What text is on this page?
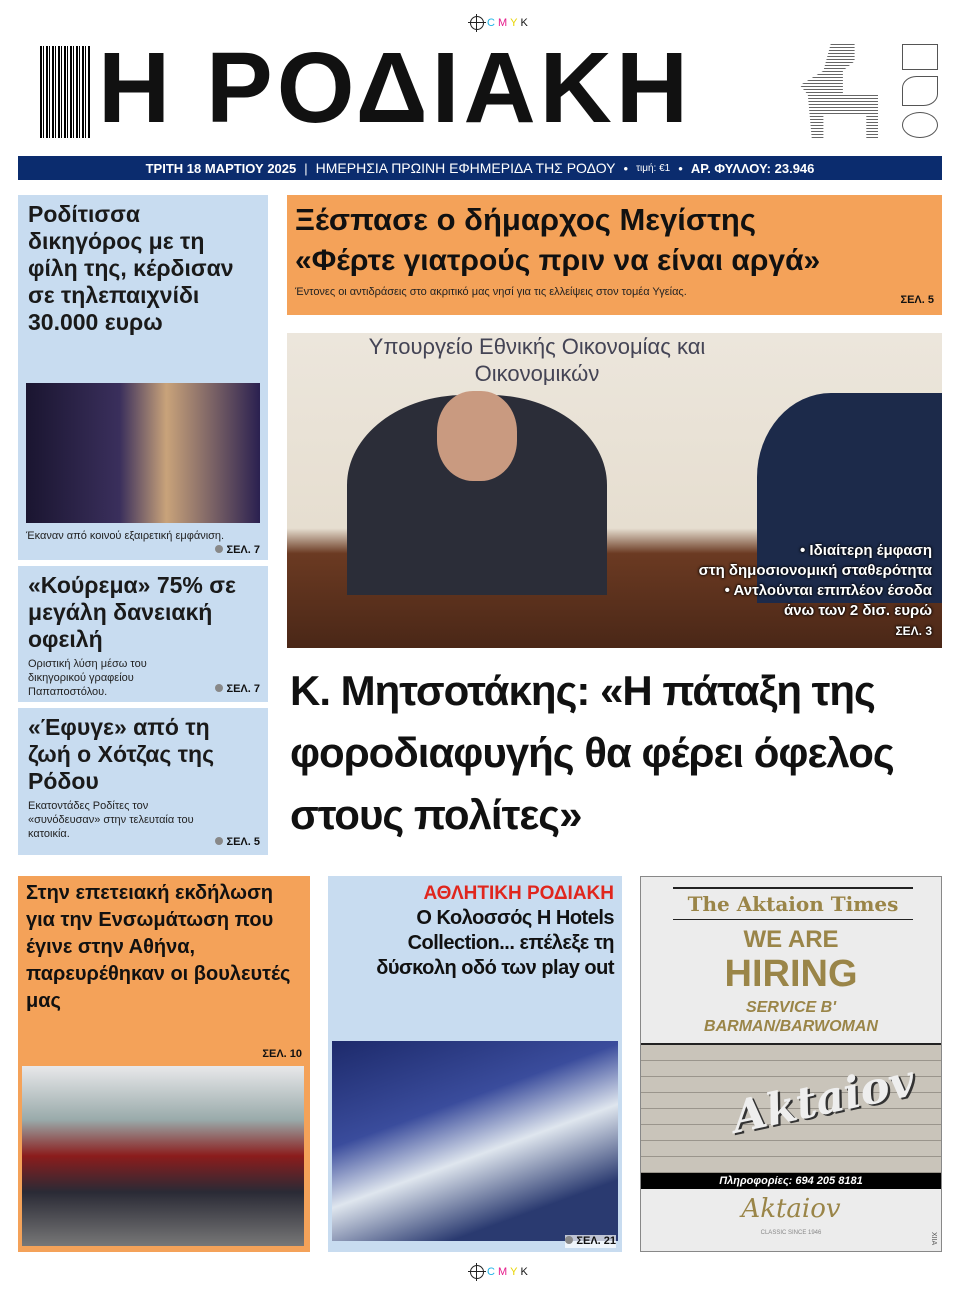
C M Y K
Η ΡΟΔΙΑΚΗ
ΤΡΙΤΗ 18 ΜΑΡΤΙΟΥ 2025 | ΗΜΕΡΗΣΙΑ ΠΡΩΙΝΗ ΕΦΗΜΕΡΙΔΑ ΤΗΣ ΡΟΔΟΥ • τιμή: €1 • ΑΡ. ΦΥΛΛΟΥ: 23.946
Ροδίτισσα δικηγόρος με τη φίλη της, κέρδισαν σε τηλεπαιχνίδι 30.000 ευρω
Έκαναν από κοινού εξαιρετική εμφάνιση.
ΣΕΛ. 7
«Κούρεμα» 75% σε μεγάλη δανειακή οφειλή
Οριστική λύση μέσω του δικηγορικού γραφείου Παπαποστόλου.	ΣΕΛ. 7
«Έφυγε» από τη ζωή ο Χότζας της Ρόδου
Εκατοντάδες Ροδίτες τον «συνόδευσαν» στην τελευταία του κατοικία.
ΣΕΛ. 5
Ξέσπασε ο δήμαρχος Μεγίστης
«Φέρτε γιατρούς πριν να είναι αργά»
Έντονες οι αντιδράσεις στο ακριτικό μας νησί για τις ελλείψεις στον τομέα Υγείας.
ΣΕΛ. 5
Υπουργείο Εθνικής Οικονομίας και Οικονομικών
• Ιδιαίτερη έμφαση
στη δημοσιονομική σταθερότητα
• Αντλούνται επιπλέον έσοδα
άνω των 2 δισ. ευρώ
ΣΕΛ. 3
Κ. Μητσοτάκης: «Η πάταξη της φοροδιαφυγής θα φέρει όφελος στους πολίτες»
Στην επετειακή εκδήλωση για την Ενσωμάτωση που έγινε στην Αθήνα, παρευρέθηκαν οι βουλευτές μας
ΣΕΛ. 10
ΑΘΛΗΤΙΚΗ ΡΟΔΙΑΚΗ
Ο Κολοσσός Η Hotels Collection... επέλεξε τη δύσκολη οδό των play out
ΣΕΛ. 21
The Aktaion Times
WE ARE
HIRING
SERVICE B'
BARMAN/BARWOMAN
Aktaiov
Πληροφορίες: 694 205 8181
Aktaiov
CLASSIC SINCE 1946	XIIA
C M Y K
